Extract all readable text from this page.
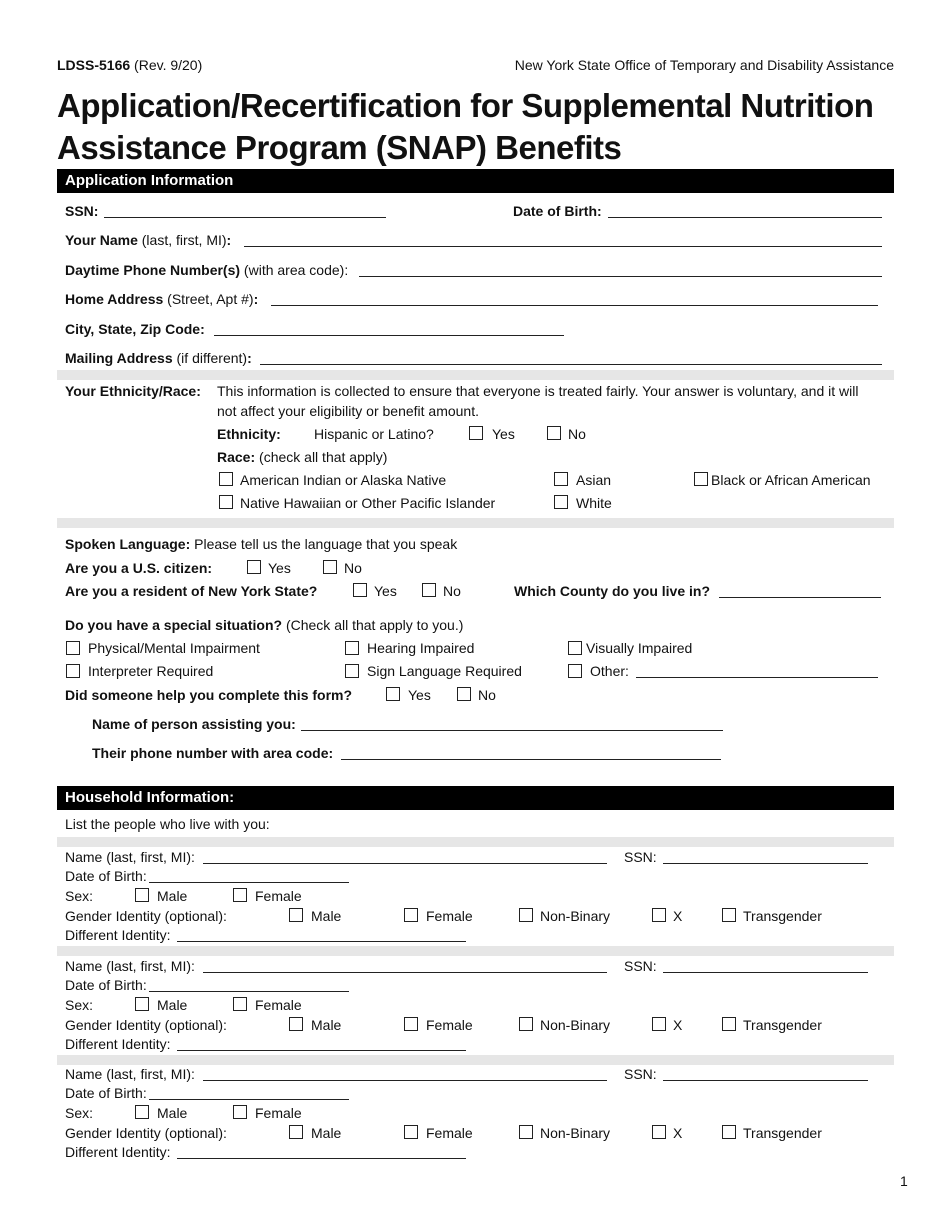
LDSS-5166 (Rev. 9/20)	New York State Office of Temporary and Disability Assistance
Application/Recertification for Supplemental Nutrition
Assistance Program (SNAP) Benefits
Application Information
SSN:	Date of Birth:
Your Name (last, first, MI):
Daytime Phone Number(s) (with area code):
Home Address (Street, Apt #):
City, State, Zip Code:
Mailing Address (if different):
Your Ethnicity/Race: This information is collected to ensure that everyone is treated fairly. Your answer is voluntary, and it will
not affect your eligibility or benefit amount.
Ethnicity: Hispanic or Latino?	Yes	No
Race: (check all that apply)
American Indian or Alaska Native	Asian	Black or African American
Native Hawaiian or Other Pacific Islander	White
Spoken Language: Please tell us the language that you speak
Are you a U.S. citizen:	Yes	No
Are you a resident of New York State?	Yes	No	Which County do you live in?
Do you have a special situation? (Check all that apply to you.)
Physical/Mental Impairment	Hearing Impaired	Visually Impaired
Interpreter Required	Sign Language Required	Other:
Did someone help you complete this form?	Yes	No
Name of person assisting you:
Their phone number with area code:
Household Information:
List the people who live with you:
Name (last, first, MI):	SSN:
Date of Birth:
Sex:	Male	Female
Gender Identity (optional):	Male	Female	Non-Binary	X	Transgender
Different Identity:
Name (last, first, MI):	SSN:
Date of Birth:
Sex:	Male	Female
Gender Identity (optional):	Male	Female	Non-Binary	X	Transgender
Different Identity:
Name (last, first, MI):	SSN:
Date of Birth:
Sex:	Male	Female
Gender Identity (optional):	Male	Female	Non-Binary	X	Transgender
Different Identity:
1
